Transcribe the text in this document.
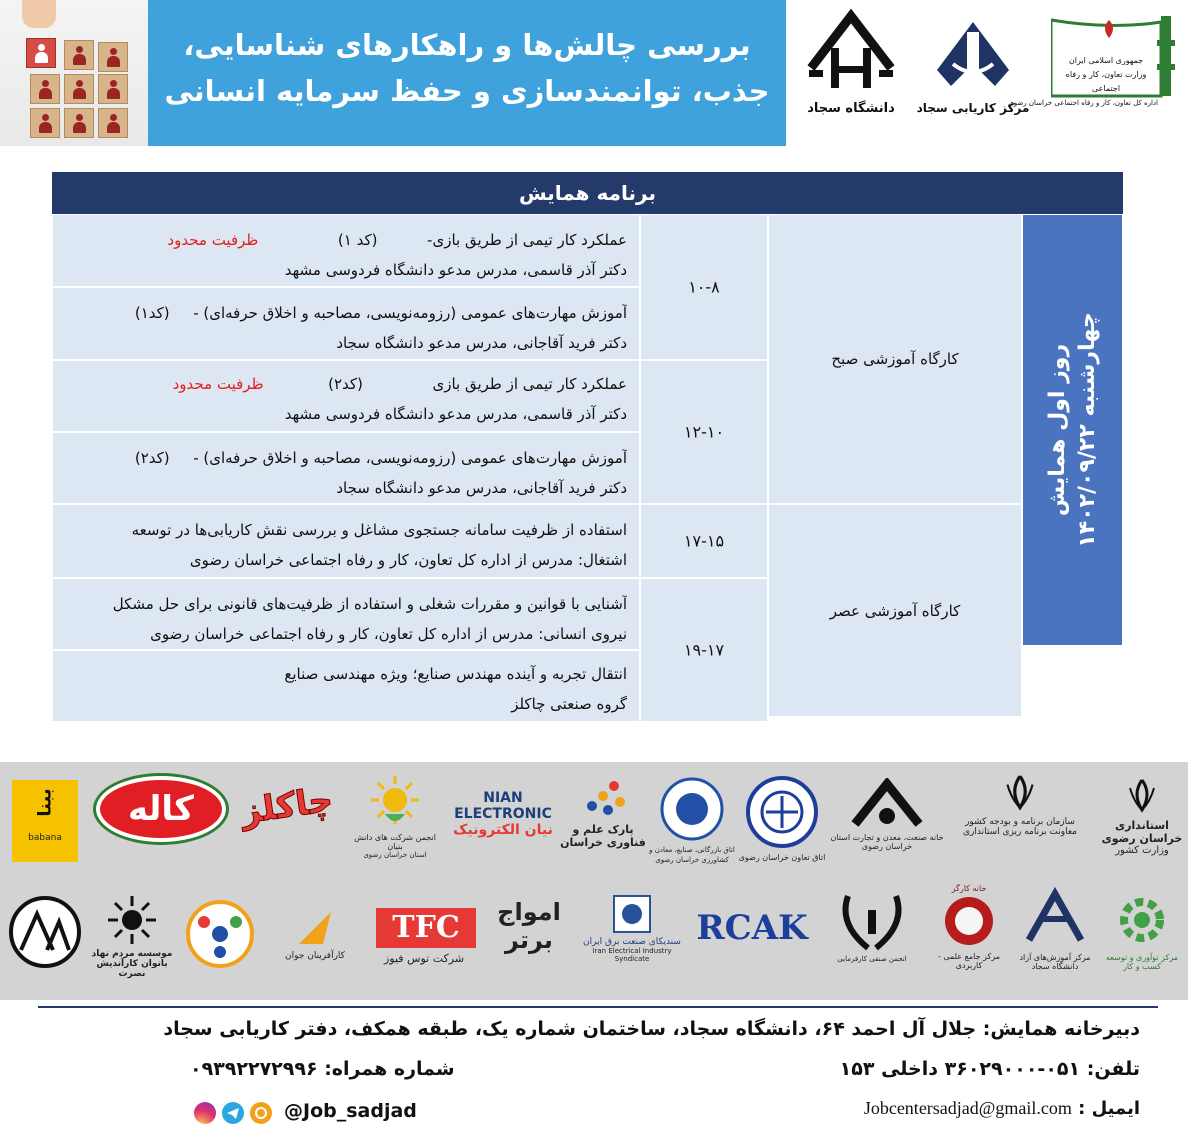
بررسی چالش‌ها و راهکارهای شناسایی،
جذب، توانمندسازی و حفظ سرمایه انسانی
دانشگاه سجاد	مرکز کاریابی سجاد
جمهوری اسلامی ایران
وزارت تعاون، کار و رفاه اجتماعی
اداره کل تعاون، کار و رفاه اجتماعی خراسان رضوی
برنامه همایش
روز اول همایش چهارشنبه ۱۴۰۲/۰۹/۲۲
کارگاه آموزشی صبح
کارگاه آموزشی عصر
۱۰-۸
۱۲-۱۰
۱۷-۱۵
۱۹-۱۷
عملکرد کار تیمی از طریق بازی-  (کد ۱)  ظرفیت محدود
دکتر آذر قاسمی، مدرس مدعو دانشگاه فردوسی مشهد
آموزش مهارت‌های عمومی (رزومه‌نویسی، مصاحبه و اخلاق حرفه‌ای) -  (کد۱)
دکتر فرید آقاجانی، مدرس مدعو دانشگاه سجاد
عملکرد کار تیمی از طریق بازی  (کد۲)  ظرفیت محدود
دکتر آذر قاسمی، مدرس مدعو دانشگاه فردوسی مشهد
آموزش مهارت‌های عمومی (رزومه‌نویسی، مصاحبه و اخلاق حرفه‌ای) -  (کد۲)
دکتر فرید آقاجانی، مدرس مدعو دانشگاه سجاد
استفاده از ظرفیت سامانه جستجوی مشاغل و بررسی نقش کاریابی‌ها در توسعه
اشتغال: مدرس از اداره کل تعاون، کار و رفاه اجتماعی خراسان رضوی
آشنایی با قوانین و مقررات شغلی و استفاده از ظرفیت‌های قانونی برای حل مشکل
نیروی انسانی: مدرس از اداره کل تعاون، کار و رفاه اجتماعی خراسان رضوی
انتقال تجربه و آینده مهندس صنایع؛ ویژه مهندسی صنایع
گروه صنعتی چاکلز
استانداری خراسان رضوی
وزارت کشور
سازمان برنامه و بودجه کشور
معاونت برنامه ریزی استانداری
خانه صنعت، معدن و تجارت استان خراسان رضوی
اتاق تعاون خراسان رضوی
اتاق بازرگانی، صنایع، معادن و کشاورزی خراسان رضوی
پارک علم و فناوری خراسان
NIAN ELECTRONIC
نیان الکترونیک
انجمن شرکت های دانش بنیان
استان خراسان رضوی
چاکلز
کاله
ببنا
babana
مرکز نوآوری و توسعه کسب و کار
مرکز آموزش‌های آزاد دانشگاه سجاد
خانه کارگر
مرکز جامع علمی - کاربردی
انجمن صنفی کارفرمایی
RCAK
سندیکای صنعت برق ایران
Iran Electrical Industry Syndicate
امواج برتر
TFC
شرکت توس فیوز
کارآفرینان جوان
موسسه مردم نهاد
بانوان کارآندیش نصرت
دبیرخانه همایش: جلال آل احمد ۶۴، دانشگاه سجاد، ساختمان شماره یک، طبقه همکف، دفتر کاریابی سجاد
تلفن: ۰۵۱-۳۶۰۲۹۰۰۰ داخلی ۱۵۳
شماره همراه: ۰۹۳۹۲۲۷۲۹۹۶
ایمیل : Jobcentersadjad@gmail.com
@Job_sadjad
